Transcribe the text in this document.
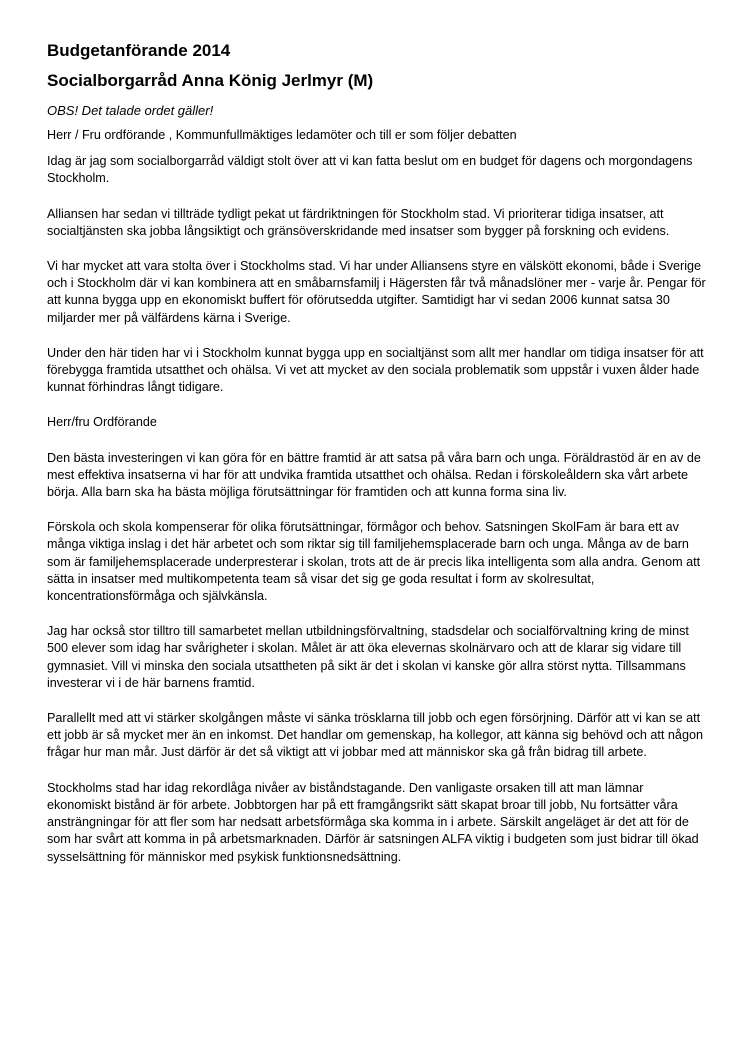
Budgetanförande 2014
Socialborgarråd Anna König Jerlmyr (M)
OBS! Det talade ordet gäller!

Herr / Fru ordförande , Kommunfullmäktiges ledamöter och till er som följer debatten

Idag är jag som socialborgarråd väldigt stolt över att vi kan fatta beslut om en budget för dagens och morgondagens Stockholm.

Alliansen har sedan vi tillträde tydligt pekat ut färdriktningen för Stockholm stad. Vi prioriterar tidiga insatser, att socialtjänsten ska jobba långsiktigt och gränsöverskridande med insatser som bygger på forskning och evidens.

Vi har mycket att vara stolta över i Stockholms stad. Vi har under Alliansens styre en välskött ekonomi, både i Sverige och i Stockholm där vi kan kombinera att en småbarnsfamilj i Hägersten får två månadslöner mer - varje år. Pengar för att kunna bygga upp en ekonomiskt buffert för oförutsedda utgifter. Samtidigt har vi sedan 2006 kunnat satsa 30 miljarder mer på välfärdens kärna i Sverige.

Under den här tiden har vi i Stockholm kunnat bygga upp en socialtjänst som allt mer handlar om tidiga insatser för att förebygga framtida utsatthet och ohälsa. Vi vet att mycket av den sociala problematik som uppstår i vuxen ålder hade kunnat förhindras långt tidigare.

Herr/fru Ordförande

Den bästa investeringen vi kan göra för en bättre framtid är att satsa på våra barn och unga. Föräldrastöd är en av de mest effektiva insatserna vi har för att undvika framtida utsatthet och ohälsa. Redan i förskoleåldern ska vårt arbete börja. Alla barn ska ha bästa möjliga förutsättningar för framtiden och att kunna forma sina liv.

Förskola och skola kompenserar för olika förutsättningar, förmågor och behov. Satsningen SkolFam är bara ett av många viktiga inslag i det här arbetet och som riktar sig till familjehemsplacerade barn och unga. Många av de barn som är familjehemsplacerade underpresterar i skolan, trots att de är precis lika intelligenta som alla andra. Genom att sätta in insatser med multikompetenta team så visar det sig ge goda resultat i form av skolresultat, koncentrationsförmåga och självkänsla.

Jag har också stor tilltro till samarbetet mellan utbildningsförvaltning, stadsdelar och socialförvaltning kring de minst 500 elever som idag har svårigheter i skolan. Målet är att öka elevernas skolnärvaro och att de klarar sig vidare till gymnasiet. Vill vi minska den sociala utsattheten på sikt är det i skolan vi kanske gör allra störst nytta. Tillsammans investerar vi i de här barnens framtid.

Parallellt med att vi stärker skolgången måste vi sänka trösklarna till jobb och egen försörjning. Därför att vi kan se att ett jobb är så mycket mer än en inkomst. Det handlar om gemenskap, ha kollegor, att känna sig behövd och att någon frågar hur man mår. Just därför är det så viktigt att vi jobbar med att människor ska gå från bidrag till arbete.

Stockholms stad har idag rekordlåga nivåer av biståndstagande. Den vanligaste orsaken till att man lämnar ekonomiskt bistånd är för arbete. Jobbtorgen har på ett framgångsrikt sätt skapat broar till jobb, Nu fortsätter våra ansträngningar för att fler som har nedsatt arbetsförmåga ska komma in i arbete. Särskilt angeläget är det att för de som har svårt att komma in på arbetsmarknaden. Därför är satsningen ALFA viktig i budgeten som just bidrar till ökad sysselsättning för människor med psykisk funktionsnedsättning.
